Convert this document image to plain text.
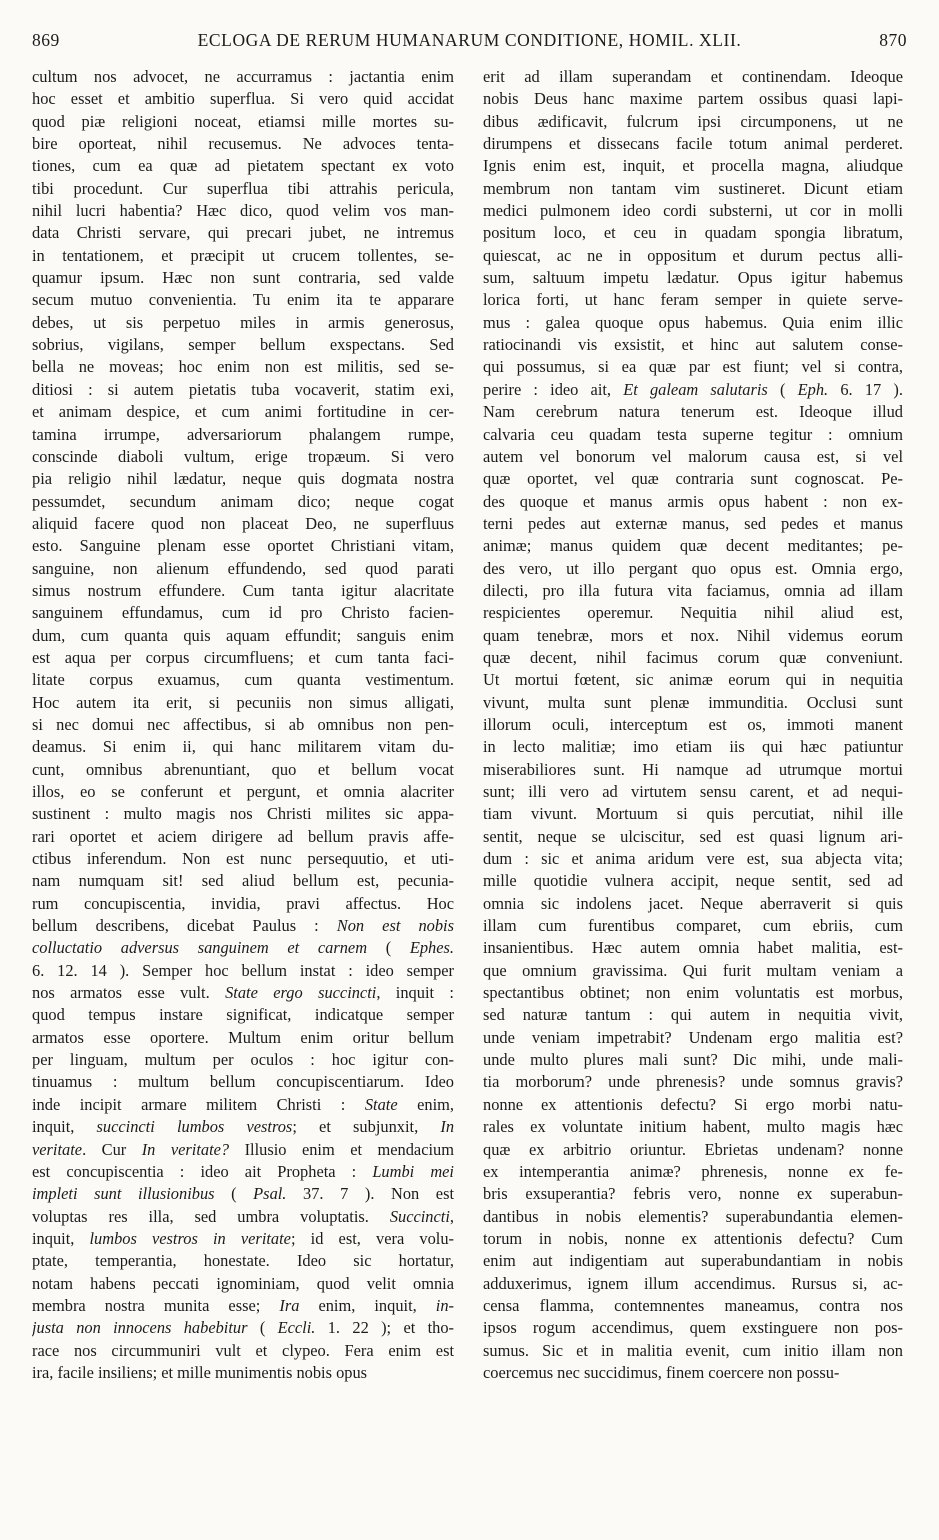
869	ECLOGA DE RERUM HUMANARUM CONDITIONE, HOMIL. XLII.	870
cultum nos advocet, ne accurramus : jactantia enim
hoc esset et ambitio superflua. Si vero quid accidat
quod piæ religioni noceat, etiamsi mille mortes su-
bire oporteat, nihil recusemus. Ne advoces tenta-
tiones, cum ea quæ ad pietatem spectant ex voto
tibi procedunt. Cur superflua tibi attrahis pericula,
nihil lucri habentia? Hæc dico, quod velim vos man-
data Christi servare, qui precari jubet, ne intremus
in tentationem, et præcipit ut crucem tollentes, se-
quamur ipsum. Hæc non sunt contraria, sed valde
secum mutuo convenientia. Tu enim ita te apparare
debes, ut sis perpetuo miles in armis generosus,
sobrius, vigilans, semper bellum exspectans. Sed
bella ne moveas; hoc enim non est militis, sed se-
ditiosi : si autem pietatis tuba vocaverit, statim exi,
et animam despice, et cum animi fortitudine in cer-
tamina irrumpe, adversariorum phalangem rumpe,
conscinde diaboli vultum, erige tropæum. Si vero
pia religio nihil lædatur, neque quis dogmata nostra
pessumdet, secundum animam dico; neque cogat
aliquid facere quod non placeat Deo, ne superfluus
esto. Sanguine plenam esse oportet Christiani vitam,
sanguine, non alienum effundendo, sed quod parati
simus nostrum effundere. Cum tanta igitur alacritate
sanguinem effundamus, cum id pro Christo facien-
dum, cum quanta quis aquam effundit; sanguis enim
est aqua per corpus circumfluens; et cum tanta faci-
litate corpus exuamus, cum quanta vestimentum.
Hoc autem ita erit, si pecuniis non simus alligati,
si nec domui nec affectibus, si ab omnibus non pen-
deamus. Si enim ii, qui hanc militarem vitam du-
cunt, omnibus abrenuntiant, quo et bellum vocat
illos, eo se conferunt et pergunt, et omnia alacriter
sustinent : multo magis nos Christi milites sic appa-
rari oportet et aciem dirigere ad bellum pravis affe-
ctibus inferendum. Non est nunc persequutio, et uti-
nam numquam sit! sed aliud bellum est, pecunia-
rum concupiscentia, invidia, pravi affectus. Hoc
bellum describens, dicebat Paulus : Non est nobis
colluctatio adversus sanguinem et carnem ( Ephes.
6. 12. 14 ). Semper hoc bellum instat : ideo semper
nos armatos esse vult. State ergo succincti, inquit :
quod tempus instare significat, indicatque semper
armatos esse oportere. Multum enim oritur bellum
per linguam, multum per oculos : hoc igitur con-
tinuamus : multum bellum concupiscentiarum. Ideo
inde incipit armare militem Christi : State enim,
inquit, succincti lumbos vestros; et subjunxit, In
veritate. Cur In veritate? Illusio enim et mendacium
est concupiscentia : ideo ait Propheta : Lumbi mei
impleti sunt illusionibus ( Psal. 37. 7 ). Non est
voluptas res illa, sed umbra voluptatis. Succincti,
inquit, lumbos vestros in veritate; id est, vera volu-
ptate, temperantia, honestate. Ideo sic hortatur,
notam habens peccati ignominiam, quod velit omnia
membra nostra munita esse; Ira enim, inquit, in-
justa non innocens habebitur ( Eccli. 1. 22 ); et tho-
race nos circummuniri vult et clypeo. Fera enim est
ira, facile insiliens; et mille munimentis nobis opus
erit ad illam superandam et continendam. Ideoque
nobis Deus hanc maxime partem ossibus quasi lapi-
dibus ædificavit, fulcrum ipsi circumponens, ut ne
dirumpens et dissecans facile totum animal perderet.
Ignis enim est, inquit, et procella magna, aliudque
membrum non tantam vim sustineret. Dicunt etiam
medici pulmonem ideo cordi substerni, ut cor in molli
positum loco, et ceu in quadam spongia libratum,
quiescat, ac ne in oppositum et durum pectus alli-
sum, saltuum impetu lædatur. Opus igitur habemus
lorica forti, ut hanc feram semper in quiete serve-
mus : galea quoque opus habemus. Quia enim illic
ratiocinandi vis exsistit, et hinc aut salutem conse-
qui possumus, si ea quæ par est fiunt; vel si contra,
perire : ideo ait, Et galeam salutaris ( Eph. 6. 17 ).
Nam cerebrum natura tenerum est. Ideoque illud
calvaria ceu quadam testa superne tegitur : omnium
autem vel bonorum vel malorum causa est, si vel
quæ oportet, vel quæ contraria sunt cognoscat. Pe-
des quoque et manus armis opus habent : non ex-
terni pedes aut externæ manus, sed pedes et manus
animæ; manus quidem quæ decent meditantes; pe-
des vero, ut illo pergant quo opus est. Omnia ergo,
dilecti, pro illa futura vita faciamus, omnia ad illam
respicientes operemur. Nequitia nihil aliud est,
quam tenebræ, mors et nox. Nihil videmus eorum
quæ decent, nihil facimus corum quæ conveniunt.
Ut mortui fœtent, sic animæ eorum qui in nequitia
vivunt, multa sunt plenæ immunditia. Occlusi sunt
illorum oculi, interceptum est os, immoti manent
in lecto malitiæ; imo etiam iis qui hæc patiuntur
miserabiliores sunt. Hi namque ad utrumque mortui
sunt; illi vero ad virtutem sensu carent, et ad nequi-
tiam vivunt. Mortuum si quis percutiat, nihil ille
sentit, neque se ulciscitur, sed est quasi lignum ari-
dum : sic et anima aridum vere est, sua abjecta vita;
mille quotidie vulnera accipit, neque sentit, sed ad
omnia sic indolens jacet. Neque aberraverit si quis
illam cum furentibus comparet, cum ebriis, cum
insanientibus. Hæc autem omnia habet malitia, est-
que omnium gravissima. Qui furit multam veniam a
spectantibus obtinet; non enim voluntatis est morbus,
sed naturæ tantum : qui autem in nequitia vivit,
unde veniam impetrabit? Undenam ergo malitia est?
unde multo plures mali sunt? Dic mihi, unde mali-
tia morborum? unde phrenesis? unde somnus gravis?
nonne ex attentionis defectu? Si ergo morbi natu-
rales ex voluntate initium habent, multo magis hæc
quæ ex arbitrio oriuntur. Ebrietas undenam? nonne
ex intemperantia animæ? phrenesis, nonne ex fe-
bris exsuperantia? febris vero, nonne ex superabun-
dantibus in nobis elementis? superabundantia elemen-
torum in nobis, nonne ex attentionis defectu? Cum
enim aut indigentiam aut superabundantiam in nobis
adduxerimus, ignem illum accendimus. Rursus si, ac-
censa flamma, contemnentes maneamus, contra nos
ipsos rogum accendimus, quem exstinguere non pos-
sumus. Sic et in malitia evenit, cum initio illam non
coercemus nec succidimus, finem coercere non possu-
